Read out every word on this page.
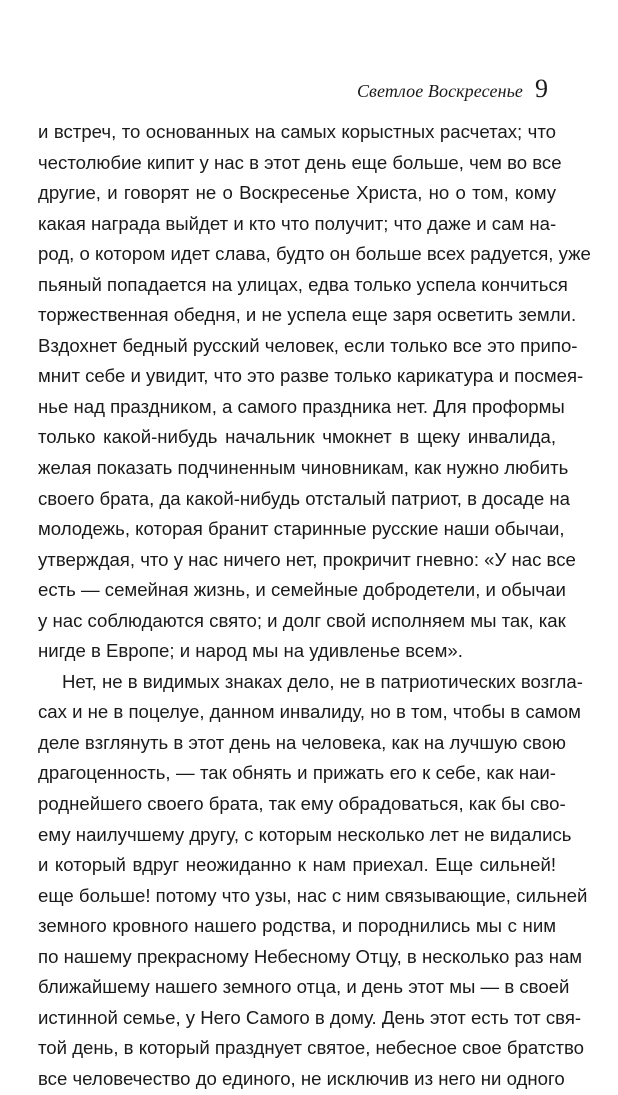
Светлое Воскресенье 9
и встреч, то основанных на самых корыстных расчетах; что
честолюбие кипит у нас в этот день еще больше, чем во все
другие, и говорят не о Воскресенье Христа, но о том, кому
какая награда выйдет и кто что получит; что даже и сам на-
род, о котором идет слава, будто он больше всех радуется, уже
пьяный попадается на улицах, едва только успела кончиться
торжественная обедня, и не успела еще заря осветить земли.
Вздохнет бедный русский человек, если только все это припо-
мнит себе и увидит, что это разве только карикатура и посмея-
нье над праздником, а самого праздника нет. Для проформы
только какой-нибудь начальник чмокнет в щеку инвалида,
желая показать подчиненным чиновникам, как нужно любить
своего брата, да какой-нибудь отсталый патриот, в досаде на
молодежь, которая бранит старинные русские наши обычаи,
утверждая, что у нас ничего нет, прокричит гневно: «У нас все
есть — семейная жизнь, и семейные добродетели, и обычаи
у нас соблюдаются свято; и долг свой исполняем мы так, как
нигде в Европе; и народ мы на удивленье всем».
Нет, не в видимых знаках дело, не в патриотических возгла-
сах и не в поцелуе, данном инвалиду, но в том, чтобы в самом
деле взглянуть в этот день на человека, как на лучшую свою
драгоценность, — так обнять и прижать его к себе, как наи-
роднейшего своего брата, так ему обрадоваться, как бы сво-
ему наилучшему другу, с которым несколько лет не видались
и который вдруг неожиданно к нам приехал. Еще сильней!
еще больше! потому что узы, нас с ним связывающие, сильней
земного кровного нашего родства, и породнились мы с ним
по нашему прекрасному Небесному Отцу, в несколько раз нам
ближайшему нашего земного отца, и день этот мы — в своей
истинной семье, у Него Самого в дому. День этот есть тот свя-
той день, в который празднует святое, небесное свое братство
все человечество до единого, не исключив из него ни одного
